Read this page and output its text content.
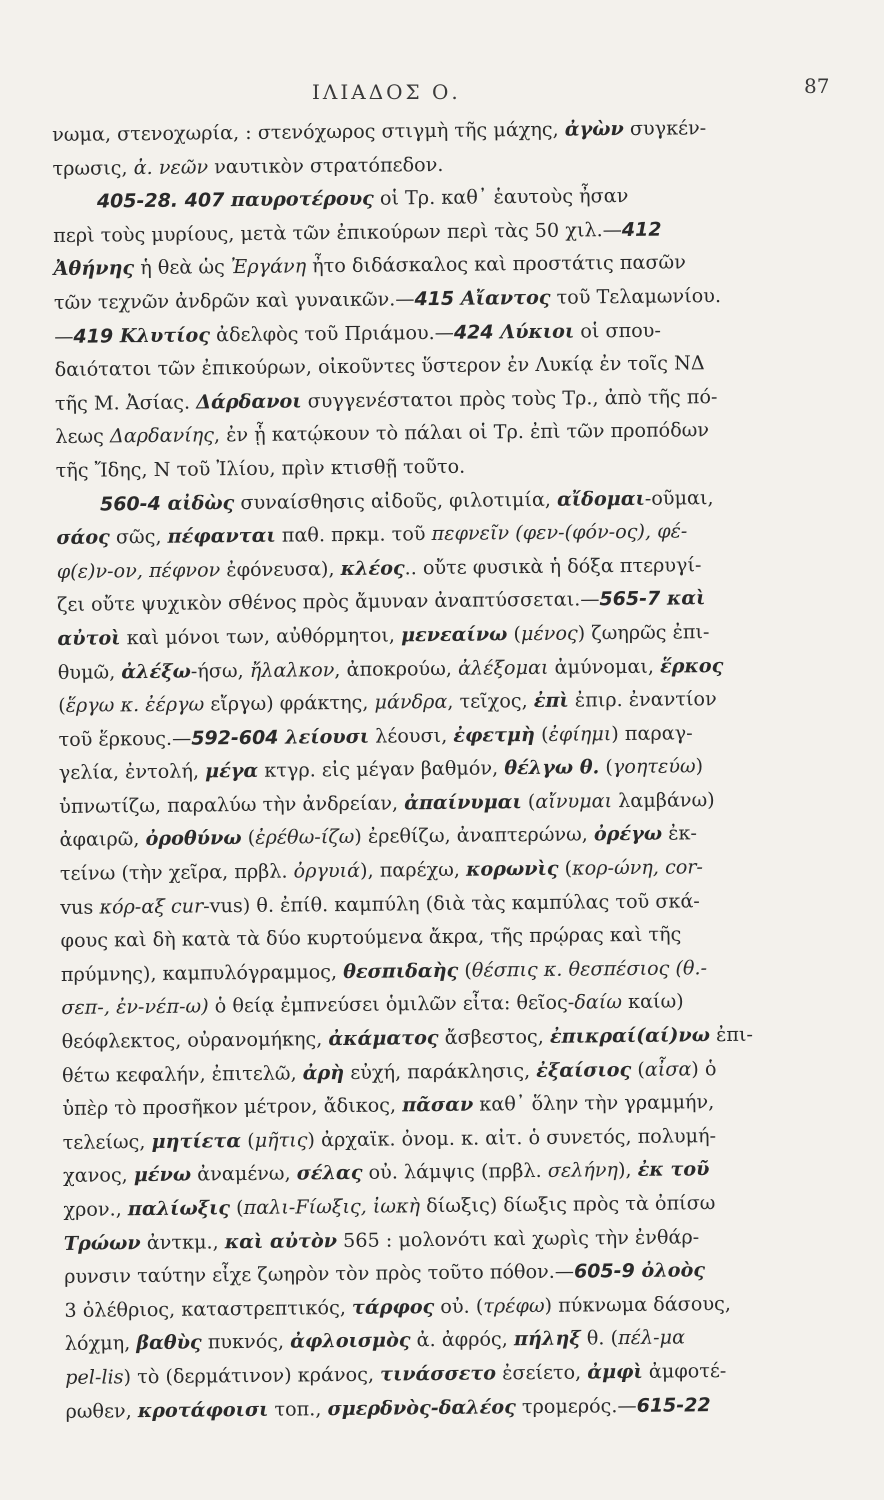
ΙΛΙΑΔΟΣ Ο.	87
νωμα, στενοχωρία, : στενόχωρος στιγμὴ τῆς μάχης, ἀγὼν συγκέν-
τρωσις, ἀ. νεῶν ναυτικὸν στρατόπεδον.
405-28. 407 παυροτέρους οἱ Τρ. καθ᾽ ἑαυτοὺς ἦσαν
περὶ τοὺς μυρίους, μετὰ τῶν ἐπικούρων περὶ τὰς 50 χιλ.—412
Ἀθήνης ἡ θεὰ ὡς Ἐργάνη ἦτο διδάσκαλος καὶ προστάτις πασῶν
τῶν τεχνῶν ἀνδρῶν καὶ γυναικῶν.—415 Αἴαντος τοῦ Τελαμωνίου.
—419 Κλυτίος ἀδελφὸς τοῦ Πριάμου.—424 Λύκιοι οἱ σπου-
δαιότατοι τῶν ἐπικούρων, οἰκοῦντες ὕστερον ἐν Λυκίᾳ ἐν τοῖς ΝΔ
τῆς Μ. Ἀσίας. Δάρδανοι συγγενέστατοι πρὸς τοὺς Τρ., ἀπὸ τῆς πό-
λεως Δαρδανίης, ἐν ᾗ κατῴκουν τὸ πάλαι οἱ Τρ. ἐπὶ τῶν προπόδων
τῆς Ἴδης, Ν τοῦ Ἰλίου, πρὶν κτισθῇ τοῦτο.
560-4 αἰδὼς συναίσθησις αἰδοῦς, φιλοτιμία, αἴδομαι-οῦμαι,
σάος σῶς, πέφανται παθ. πρκμ. τοῦ πεφνεῖν (φεν-(φόν-ος), φέ-
φ(ε)ν-ον, πέφνον ἐφόνευσα), κλέος.. οὔτε φυσικὰ ἡ δόξα πτερυγί-
ζει οὔτε ψυχικὸν σθένος πρὸς ἄμυναν ἀναπτύσσεται.—565-7 καὶ
αὐτοὶ καὶ μόνοι των, αὐθόρμητοι, μενεαίνω (μένος) ζωηρῶς ἐπι-
θυμῶ, ἀλέξω-ήσω, ἤλαλκον, ἀποκρούω, ἀλέξομαι ἀμύνομαι, ἕρκος
(ἕργω κ. ἐέργω εἴργω) φράκτης, μάνδρα, τεῖχος, ἐπὶ ἐπιρ. ἐναντίον
τοῦ ἕρκους.—592-604 λείουσι λέουσι, ἐφετμὴ (ἐφίημι) παραγ-
γελία, ἐντολή, μέγα κτγρ. εἰς μέγαν βαθμόν, θέλγω θ. (γοητεύω)
ὑπνωτίζω, παραλύω τὴν ἀνδρείαν, ἀπαίνυμαι (αἴνυμαι λαμβάνω)
ἀφαιρῶ, ὀροθύνω (ἐρέθω-ίζω) ἐρεθίζω, ἀναπτερώνω, ὀρέγω ἐκ-
τείνω (τὴν χεῖρα, πρβλ. ὀργυιά), παρέχω, κορωνὶς (κορ-ώνη, cor-
vus κόρ-αξ cur-vus) θ. ἐπίθ. καμπύλη (διὰ τὰς καμπύλας τοῦ σκά-
φους καὶ δὴ κατὰ τὰ δύο κυρτούμενα ἄκρα, τῆς πρῴρας καὶ τῆς
πρύμνης), καμπυλόγραμμος, θεσπιδαὴς (θέσπις κ. θεσπέσιος (θ.-
σεπ-, ἐν-νέπ-ω) ὁ θείᾳ ἐμπνεύσει ὁμιλῶν εἶτα: θεῖος-δαίω καίω)
θεόφλεκτος, οὐρανομήκης, ἀκάματος ἄσβεστος, ἐπικραί(αί)νω ἐπι-
θέτω κεφαλήν, ἐπιτελῶ, ἀρὴ εὐχή, παράκλησις, ἐξαίσιος (αἶσα) ὁ
ὑπὲρ τὸ προσῆκον μέτρον, ἄδικος, πᾶσαν καθ᾽ ὅλην τὴν γραμμήν,
τελείως, μητίετα (μῆτις) ἀρχαϊκ. ὀνομ. κ. αἰτ. ὁ συνετός, πολυμή-
χανος, μένω ἀναμένω, σέλας οὐ. λάμψις (πρβλ. σελήνη), ἐκ τοῦ
χρον., παλίωξις (παλι-Fίωξις, ἰωκὴ δίωξις) δίωξις πρὸς τὰ ὀπίσω
Τρώων ἀντκμ., καὶ αὐτὸν 565 : μολονότι καὶ χωρὶς τὴν ἐνθάρ-
ρυνσιν ταύτην εἶχε ζωηρὸν τὸν πρὸς τοῦτο πόθον.—605-9 ὀλοὸς
3 ὀλέθριος, καταστρεπτικός, τάρφος οὐ. (τρέφω) πύκνωμα δάσους,
λόχμη, βαθὺς πυκνός, ἀφλοισμὸς ἀ. ἀφρός, πήληξ θ. (πέλ-μα
pel-lis) τὸ (δερμάτινον) κράνος, τινάσσετο ἐσείετο, ἀμφὶ ἀμφοτέ-
ρωθεν, κροτάφοισι τοπ., σμερδνὸς-δαλέος τρομερός.—615-22
